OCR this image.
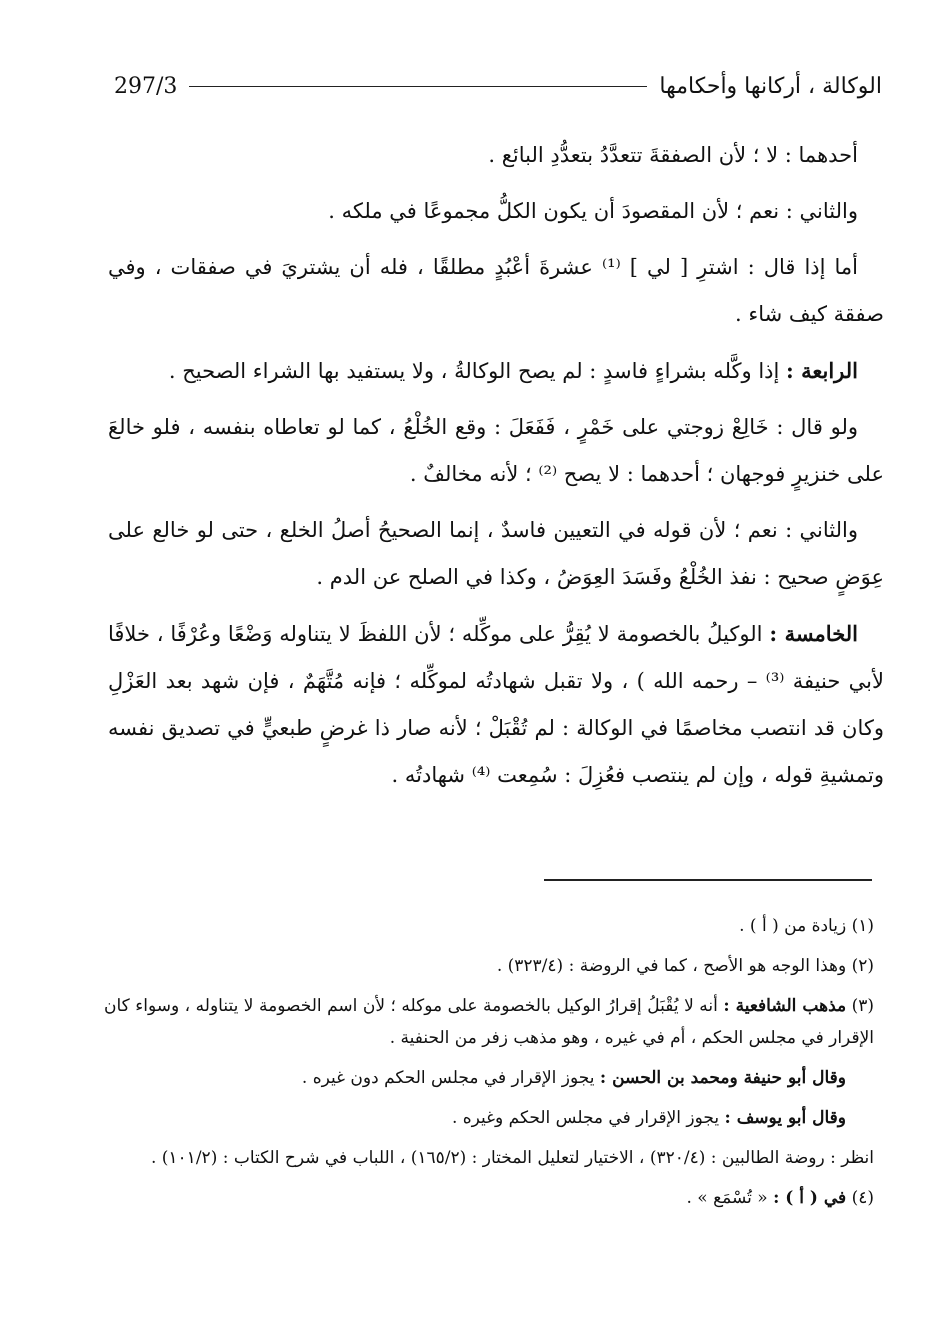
الوكالة ، أركانها وأحكامها
297/3

أحدهما : لا ؛ لأن الصفقةَ تتعدَّدُ بتعدُّدِ البائع .

والثاني : نعم ؛ لأن المقصودَ أن يكون الكلُّ مجموعًا في ملكه .

أما إذا قال : اشترِ [ لي ] ⁽¹⁾ عشرةَ أعْبُدٍ مطلقًا ، فله أن يشتريَ في صفقات ، وفي صفقة كيف شاء .

الرابعة : إذا وكَّله بشراءٍ فاسدٍ : لم يصح الوكالةُ ، ولا يستفيد بها الشراء الصحيح .

ولو قال : خَالِعْ زوجتي على خَمْرٍ ، فَفَعَلَ : وقع الخُلْعُ ، كما لو تعاطاه بنفسه ، فلو خالعَ على خنزيرٍ فوجهان ؛ أحدهما : لا يصح ⁽²⁾ ؛ لأنه مخالفٌ .

والثاني : نعم ؛ لأن قوله في التعيين فاسدٌ ، إنما الصحيحُ أصلُ الخلع ، حتى لو خالع على عِوَضٍ صحيح : نفذ الخُلْعُ وفَسَدَ العِوَضُ ، وكذا في الصلح عن الدم .

الخامسة : الوكيلُ بالخصومة لا يُقِرُّ على موكِّله ؛ لأن اللفظَ لا يتناوله وَضْعًا وعُرْفًا ، خلافًا لأبي حنيفة ⁽³⁾ – رحمه الله ) ، ولا تقبل شهادتُه لموكِّله ؛ فإنه مُتَّهَمٌ ، فإن شهد بعد العَزْلِ وكان قد انتصب مخاصمًا في الوكالة : لم تُقْبَلْ ؛ لأنه صار ذا غرضٍ طبعيٍّ في تصديق نفسه وتمشيةِ قوله ، وإن لم ينتصب فعُزِلَ : سُمِعت ⁽⁴⁾ شهادتُه .

(١) زيادة من ( أ ) .

(٢) وهذا الوجه هو الأصح ، كما في الروضة : (٣٢٣/٤) .

(٣) مذهب الشافعية : أنه لا يُقْبَلُ إقرارُ الوكيل بالخصومة على موكله ؛ لأن اسم الخصومة لا يتناوله ، وسواء كان الإقرار في مجلس الحكم ، أم في غيره ، وهو مذهب زفر من الحنفية .

وقال أبو حنيفة ومحمد بن الحسن : يجوز الإقرار في مجلس الحكم دون غيره .

وقال أبو يوسف : يجوز الإقرار في مجلس الحكم وغيره .

انظر : روضة الطالبين : (٣٢٠/٤) ، الاختيار لتعليل المختار : (١٦٥/٢) ، اللباب في شرح الكتاب : (١٠١/٢) .

(٤) في ( أ ) : « تُسْمَع » .
